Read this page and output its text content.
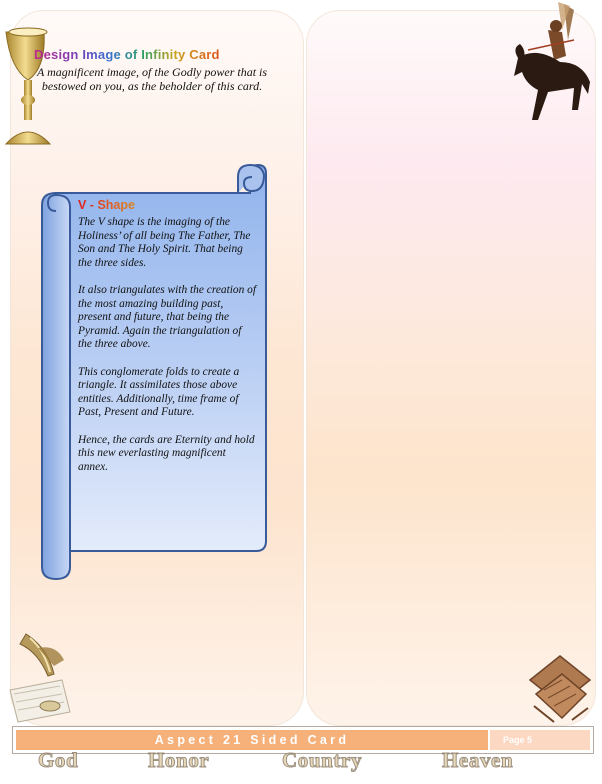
Design Image of Infinity Card
A magnificent image, of the Godly power that is bestowed on you, as the beholder of this card.
V - Shape

The V shape is the imaging of the Holiness’ of all being The Father, The Son and The Holy Spirit. That being the three sides.

It also triangulates with the creation of the most amazing building past, present and future, that being the Pyramid. Again the triangulation of the three above.

This conglomerate folds to create a triangle. It assimilates those above entities. Additionally, time frame of Past, Present and Future.

Hence, the cards are Eternity and hold this new everlasting magnificent annex.

Aspect 21 Sided Card	Page 5
God	Honor	Country	Heaven
